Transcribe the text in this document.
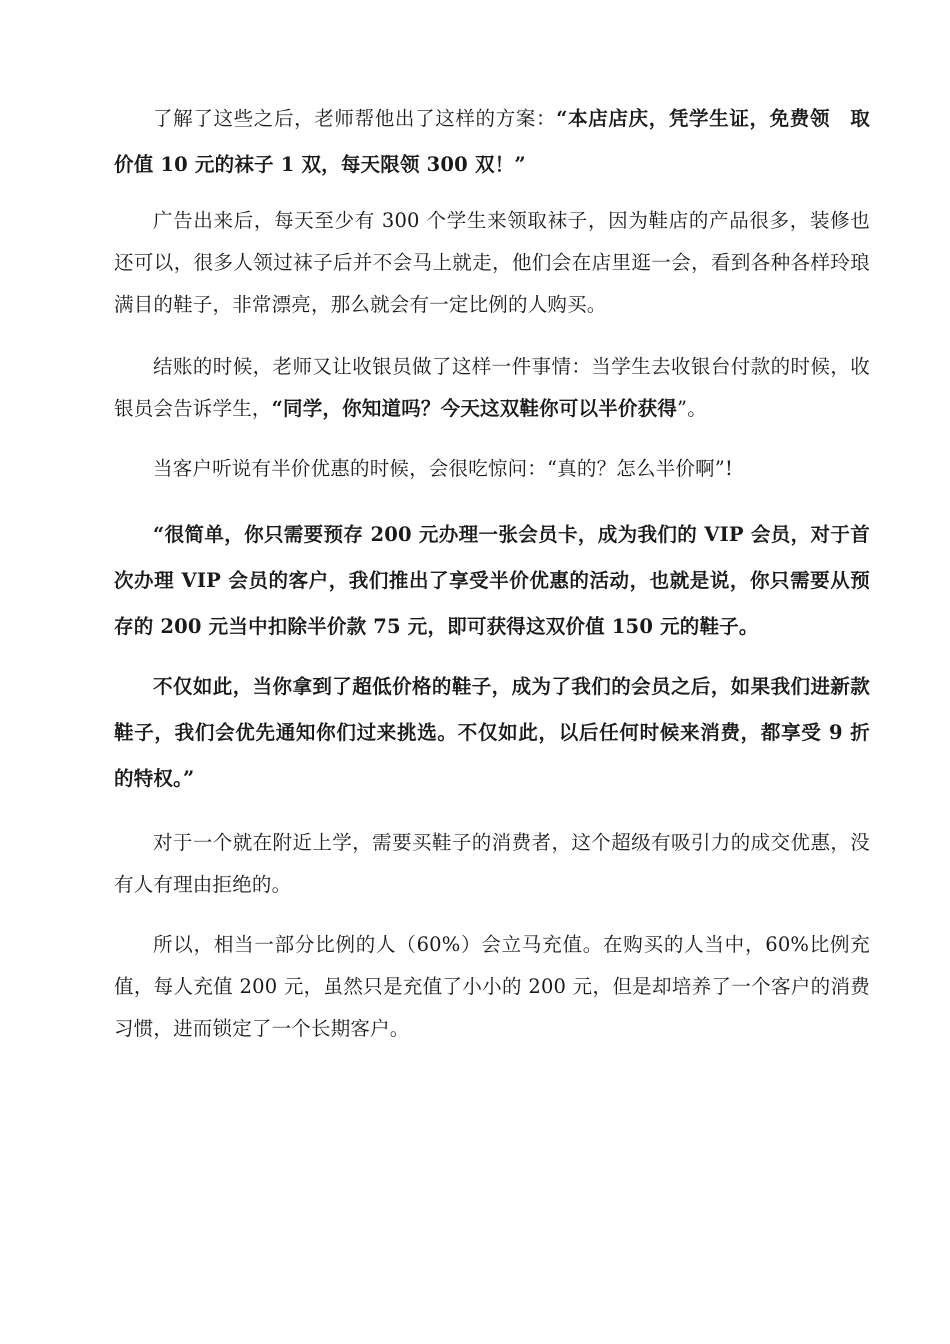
了解了这些之后，老师帮他出了这样的方案：“本店店庆，凭学生证，免费领　取价值 10 元的袜子 1 双，每天限领 300 双！”

广告出来后，每天至少有 300 个学生来领取袜子，因为鞋店的产品很多，装修也还可以，很多人领过袜子后并不会马上就走，他们会在店里逛一会，看到各种各样玲琅满目的鞋子，非常漂亮，那么就会有一定比例的人购买。

结账的时候，老师又让收银员做了这样一件事情：当学生去收银台付款的时候，收银员会告诉学生，“同学，你知道吗？今天这双鞋你可以半价获得”。

当客户听说有半价优惠的时候，会很吃惊问：“真的？怎么半价啊”!

“很简单，你只需要预存 200 元办理一张会员卡，成为我们的 VIP 会员，对于首次办理 VIP 会员的客户，我们推出了享受半价优惠的活动，也就是说，你只需要从预存的 200 元当中扣除半价款 75 元，即可获得这双价值 150 元的鞋子。

不仅如此，当你拿到了超低价格的鞋子，成为了我们的会员之后，如果我们进新款鞋子，我们会优先通知你们过来挑选。不仅如此，以后任何时候来消费，都享受 9 折的特权。”

对于一个就在附近上学，需要买鞋子的消费者，这个超级有吸引力的成交优惠，没有人有理由拒绝的。

所以，相当一部分比例的人（60%）会立马充值。在购买的人当中，60%比例充值，每人充值 200 元，虽然只是充值了小小的 200 元，但是却培养了一个客户的消费习惯，进而锁定了一个长期客户。
